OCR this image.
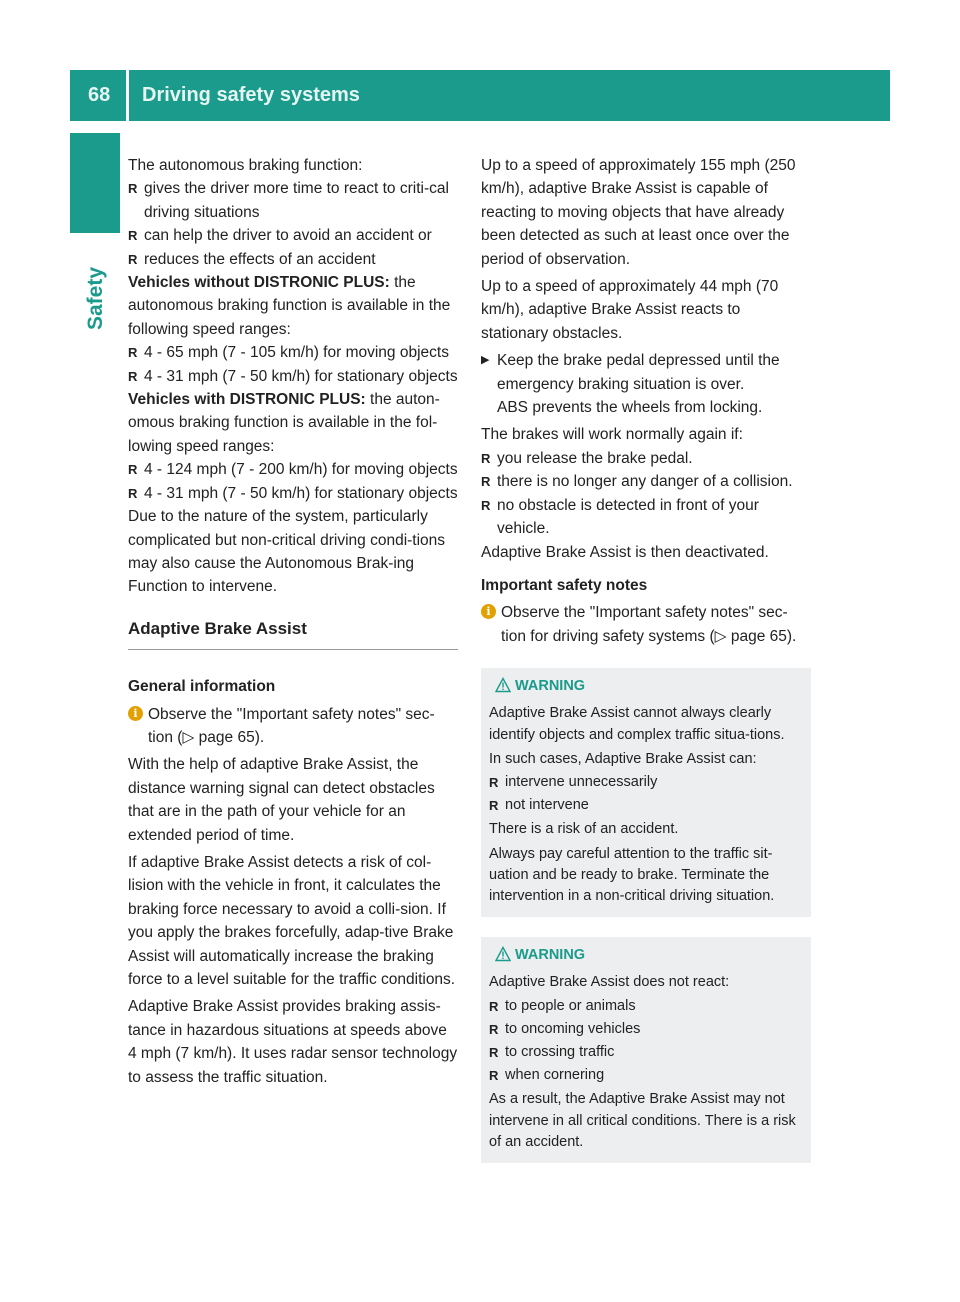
68 Driving safety systems
Safety

The autonomous braking function:

R gives the driver more time to react to criti-cal driving situations
R can help the driver to avoid an accident or
R reduces the effects of an accident

Vehicles without DISTRONIC PLUS: the autonomous braking function is available in the following speed ranges:

R 4 - 65 mph (7 - 105 km/h) for moving objects
R 4 - 31 mph (7 - 50 km/h) for stationary objects

Vehicles with DISTRONIC PLUS: the auton-omous braking function is available in the fol-lowing speed ranges:

R 4 - 124 mph (7 - 200 km/h) for moving objects
R 4 - 31 mph (7 - 50 km/h) for stationary objects

Due to the nature of the system, particularly complicated but non-critical driving condi-tions may also cause the Autonomous Brak-ing Function to intervene.

Adaptive Brake Assist

General information

i Observe the "Important safety notes" sec-tion (▷ page 65).

With the help of adaptive Brake Assist, the distance warning signal can detect obstacles that are in the path of your vehicle for an extended period of time.

If adaptive Brake Assist detects a risk of col-lision with the vehicle in front, it calculates the braking force necessary to avoid a colli-sion. If you apply the brakes forcefully, adap-tive Brake Assist will automatically increase the braking force to a level suitable for the traffic conditions.

Adaptive Brake Assist provides braking assis-tance in hazardous situations at speeds above 4 mph (7 km/h). It uses radar sensor technology to assess the traffic situation.

Up to a speed of approximately 155 mph (250 km/h), adaptive Brake Assist is capable of reacting to moving objects that have already been detected as such at least once over the period of observation.

Up to a speed of approximately 44 mph (70 km/h), adaptive Brake Assist reacts to stationary obstacles.

▶ Keep the brake pedal depressed until the emergency braking situation is over.
ABS prevents the wheels from locking.

The brakes will work normally again if:

R you release the brake pedal.
R there is no longer any danger of a collision.
R no obstacle is detected in front of your vehicle.

Adaptive Brake Assist is then deactivated.

Important safety notes

i Observe the "Important safety notes" sec-tion for driving safety systems (▷ page 65).
WARNING

Adaptive Brake Assist cannot always clearly identify objects and complex traffic situa-tions.

In such cases, Adaptive Brake Assist can:

R intervene unnecessarily
R not intervene

There is a risk of an accident.

Always pay careful attention to the traffic sit-uation and be ready to brake. Terminate the intervention in a non-critical driving situation.

WARNING

Adaptive Brake Assist does not react:

R to people or animals
R to oncoming vehicles
R to crossing traffic
R when cornering

As a result, the Adaptive Brake Assist may not intervene in all critical conditions. There is a risk of an accident.
